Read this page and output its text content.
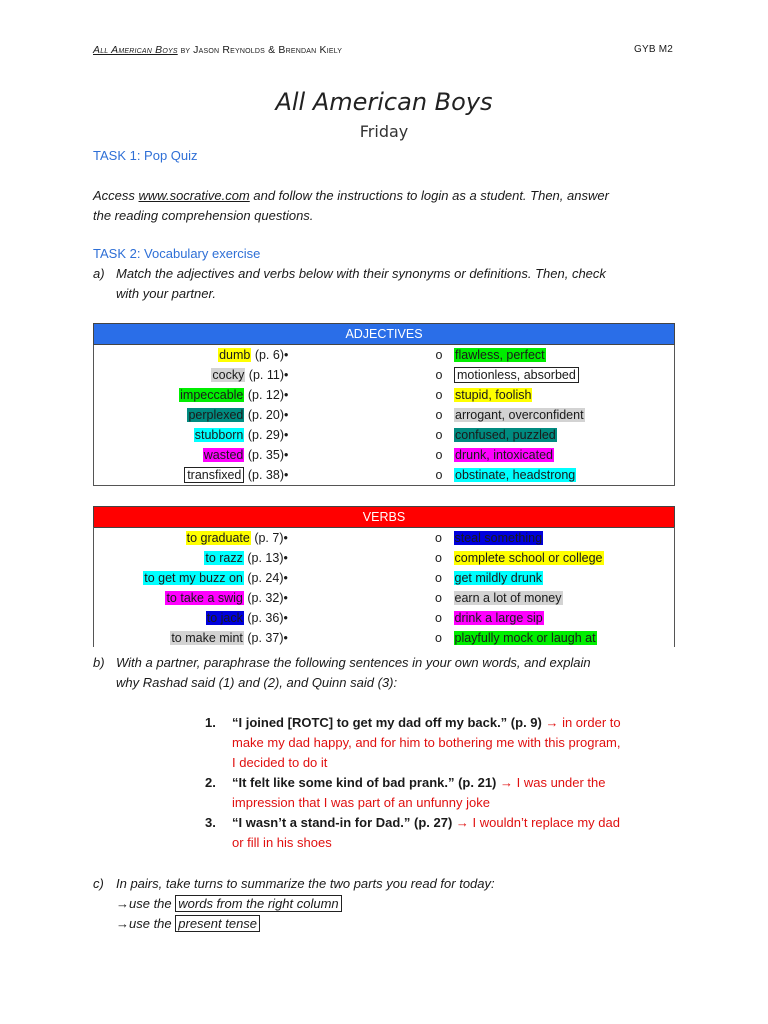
All American Boys by Jason Reynolds & Brendan Kiely	GYB M2
All American Boys
Friday
TASK 1: Pop Quiz
Access www.socrative.com and follow the instructions to login as a student. Then, answer
the reading comprehension questions.
TASK 2: Vocabulary exercise
a) Match the adjectives and verbs below with their synonyms or definitions. Then, check
with your partner.
ADJECTIVES			
dumb (p. 6)	•	o	flawless, perfect
cocky (p. 11)	•	o	motionless, absorbed
impeccable (p. 12)	•	o	stupid, foolish
perplexed (p. 20)	•	o	arrogant, overconfident
stubborn (p. 29)	•	o	confused, puzzled
wasted (p. 35)	•	o	drunk, intoxicated
transfixed (p. 38)	•	o	obstinate, headstrong
VERBS			
to graduate (p. 7)	•	o	steal something
to razz (p. 13)	•	o	complete school or college
to get my buzz on (p. 24)	•	o	get mildly drunk
to take a swig (p. 32)	•	o	earn a lot of money
to jack (p. 36)	•	o	drink a large sip
to make mint (p. 37)	•	o	playfully mock or laugh at
b) With a partner, paraphrase the following sentences in your own words, and explain
why Rashad said (1) and (2), and Quinn said (3):
1. “I joined [ROTC] to get my dad off my back.” (p. 9) → in order to
make my dad happy, and for him to bothering me with this program,
I decided to do it
2. “It felt like some kind of bad prank.” (p. 21) → I was under the
impression that I was part of an unfunny joke
3. “I wasn’t a stand-in for Dad.” (p. 27) → I wouldn’t replace my dad
or fill in his shoes
c) In pairs, take turns to summarize the two parts you read for today:
→use the words from the right column
→use the present tense
